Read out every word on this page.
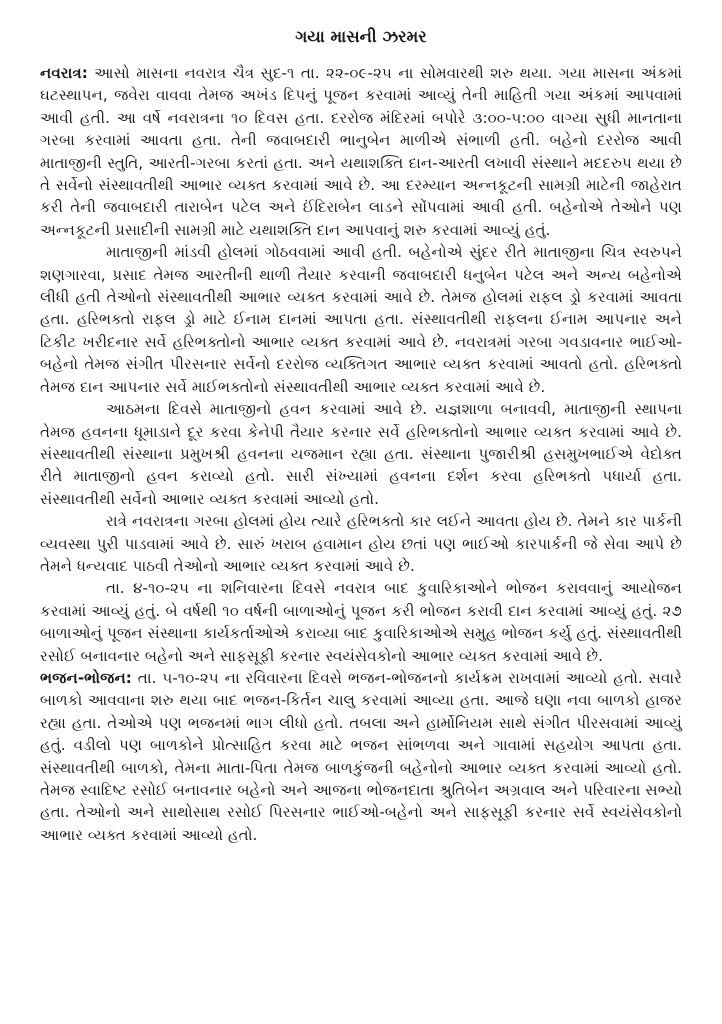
ગયા માસની ઝરમર

નવરાત્ર: આસો માસના નવરાત્ર ચૈત્ર સુદ-૧ તા. ૨૨-૦૯-૨૫ ના સોમવારથી શરુ થયા. ગયા માસના અંકમાં ઘટસ્થાપન, જવેરા વાવવા તેમજ અખંડ દિપનું પૂજન કરવામાં આવ્યું તેની માહિતી ગયા અંકમાં આપવામાં આવી હતી. આ વર્ષે નવરાત્રના ૧૦ દિવસ હતા. દરરોજ મંદિરમાં બપોરે ૩:૦૦-૫:૦૦ વાગ્યા સુધી માનતાના ગરબા કરવામાં આવતા હતા. તેની જવાબદારી ભાનુબેન માળીએ સંભાળી હતી. બહેનો દરરોજ આવી માતાજીની સ્તુતિ, આરતી-ગરબા કરતાં હતા. અને યથાશક્તિ દાન-આરતી લખાવી સંસ્થાને મદદરુપ થયા છે તે સર્વેનો સંસ્થાવતીથી આભાર વ્યક્ત કરવામાં આવે છે. આ દરમ્યાન અન્નકૂટની સામગ્રી માટેની જાહેરાત કરી તેની જવાબદારી તારાબેન પટેલ અને ઈંદિરાબેન લાડને સોંપવામાં આવી હતી. બહેનોએ તેઓને પણ અન્નકૂટની પ્રસાદીની સામગ્રી માટે યથાશક્તિ દાન આપવાનું શરુ કરવામાં આવ્યું હતું.

માતાજીની માંડવી હોલમાં ગોઠવવામાં આવી હતી. બહેનોએ સુંદર રીતે માતાજીના ચિત્ર સ્વરુપને શણગારવા, પ્રસાદ તેમજ આરતીની થાળી તૈયાર કરવાની જવાબદારી ધનુબેન પટેલ અને અન્ય બહેનોએ લીધી હતી તેઓનો સંસ્થાવતીથી આભાર વ્યક્ત કરવામાં આવે છે. તેમજ હોલમાં રાફલ ડ્રો કરવામાં આવતા હતા. હરિભક્તો રાફલ ડ્રો માટે ઈનામ દાનમાં આપતા હતા. સંસ્થાવતીથી રાફલના ઈનામ આપનાર અને ટિકીટ ખરીદનાર સર્વે હરિભક્તોનો આભાર વ્યક્ત કરવામાં આવે છે. નવરાત્રમાં ગરબા ગવડાવનાર ભાઈઓ-બહેનો તેમજ સંગીત પીરસનાર સર્વેનો દરરોજ વ્યક્તિગત આભાર વ્યક્ત કરવામાં આવતો હતો. હરિભક્તો તેમજ દાન આપનાર સર્વે માઈભક્તોનો સંસ્થાવતીથી આભાર વ્યક્ત કરવામાં આવે છે.

આઠમના દિવસે માતાજીનો હવન કરવામાં આવે છે. યજ્ઞશાળા બનાવવી, માતાજીની સ્થાપના તેમજ હવનના ધૂમાડાને દૂર કરવા કેનેપી તૈયાર કરનાર સર્વે હરિભક્તોનો આભાર વ્યક્ત કરવામાં આવે છે. સંસ્થાવતીથી સંસ્થાના પ્રમુખશ્રી હવનના યજમાન રહ્યા હતા. સંસ્થાના પુજારીશ્રી હસમુખભાઈએ વેદોક્ત રીતે માતાજીનો હવન કરાવ્યો હતો. સારી સંખ્યામાં હવનના દર્શન કરવા હરિભક્તો પધાર્યા હતા. સંસ્થાવતીથી સર્વેનો આભાર વ્યક્ત કરવામાં આવ્યો હતો.

રાત્રે નવરાત્રના ગરબા હોલમાં હોય ત્યારે હરિભક્તો કાર લઈને આવતા હોય છે. તેમને કાર પાર્કની વ્યવસ્થા પુરી પાડવામાં આવે છે. સારું ખરાબ હવામાન હોય છતાં પણ ભાઈઓ કારપાર્કની જે સેવા આપે છે તેમને ધન્યવાદ પાઠવી તેઓનો આભાર વ્યક્ત કરવામાં આવે છે.

તા. ૪-૧૦-૨૫ ના શનિવારના દિવસે નવરાત્ર બાદ કુવારિકાઓને ભોજન કરાવવાનું આયોજન કરવામાં આવ્યું હતું. બે વર્ષથી ૧૦ વર્ષની બાળાઓનું પૂજન કરી ભોજન કરાવી દાન કરવામાં આવ્યું હતું. ૨૭ બાળાઓનું પૂજન સંસ્થાના કાર્યકર્તાઓએ કરાવ્યા બાદ કુવારિકાઓએ સમુહ ભોજન કર્યુ હતું. સંસ્થાવતીથી રસોઈ બનાવનાર બહેનો અને સાફસૂફી કરનાર સ્વયંસેવકોનો આભાર વ્યક્ત કરવામાં આવે છે.

ભજન-ભોજન: તા. ૫-૧૦-૨૫ ના રવિવારના દિવસે ભજન-ભોજનનો કાર્યક્રમ રાખવામાં આવ્યો હતો. સવારે બાળકો આવવાના શરુ થયા બાદ ભજન-કિર્તન ચાલુ કરવામાં આવ્યા હતા. આજે ઘણા નવા બાળકો હાજર રહ્યા હતા. તેઓએ પણ ભજનમાં ભાગ લીધો હતો. તબલા અને હાર્મોનિયમ સાથે સંગીત પીરસવામાં આવ્યું હતું. વડીલો પણ બાળકોને પ્રોત્સાહિત કરવા માટે ભજન સાંભળવા અને ગાવામાં સહયોગ આપતા હતા. સંસ્થાવતીથી બાળકો, તેમના માતા-પિતા તેમજ બાળકુંજની બહેનોનો આભાર વ્યક્ત કરવામાં આવ્યો હતો. તેમજ સ્વાદિષ્ટ રસોઈ બનાવનાર બહેનો અને આજના ભોજનદાતા શ્રુતિબેન અગ્રવાલ અને પરિવારના સભ્યો હતા. તેઓનો અને સાથોસાથ રસોઈ પિરસનાર ભાઈઓ-બહેનો અને સાફસૂફી કરનાર સર્વે સ્વયંસેવકોનો આભાર વ્યક્ત કરવામાં આવ્યો હતો.
